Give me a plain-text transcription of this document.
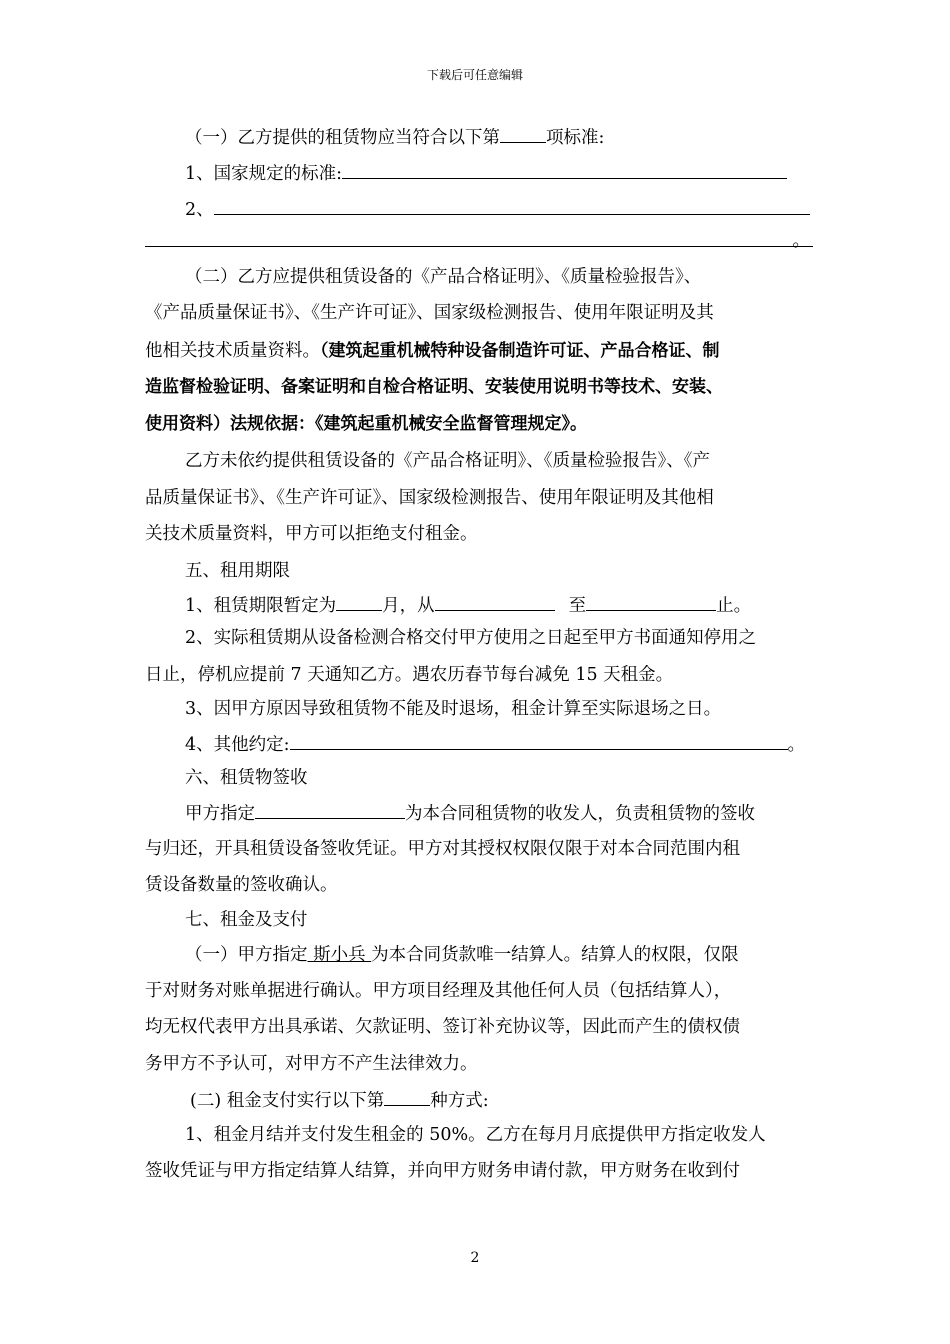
下载后可任意编辑
（一）乙方提供的租赁物应当符合以下第	项标准:
1、国家规定的标准:
2、
。
（二）乙方应提供租赁设备的《产品合格证明》、《质量检验报告》、
《产品质量保证书》、《生产许可证》、国家级检测报告、使用年限证明及其
他相关技术质量资料。（建筑起重机械特种设备制造许可证、产品合格证、制
造监督检验证明、备案证明和自检合格证明、安装使用说明书等技术、安装、
使用资料）法规依据：《建筑起重机械安全监督管理规定》。
乙方未依约提供租赁设备的《产品合格证明》、《质量检验报告》、《产
品质量保证书》、《生产许可证》、国家级检测报告、使用年限证明及其他相
关技术质量资料，甲方可以拒绝支付租金。
五、租用期限
1、租赁期限暂定为	月，从	至	止。
2、实际租赁期从设备检测合格交付甲方使用之日起至甲方书面通知停用之
日止，停机应提前 7 天通知乙方。遇农历春节每台减免 15 天租金。
3、因甲方原因导致租赁物不能及时退场，租金计算至实际退场之日。
4、其他约定:	。
六、租赁物签收
甲方指定	为本合同租赁物的收发人，负责租赁物的签收
与归还，开具租赁设备签收凭证。甲方对其授权权限仅限于对本合同范围内租
赁设备数量的签收确认。
七、租金及支付
（一）甲方指定 斯小兵 为本合同货款唯一结算人。结算人的权限，仅限
于对财务对账单据进行确认。甲方项目经理及其他任何人员（包括结算人），
均无权代表甲方出具承诺、欠款证明、签订补充协议等，因此而产生的债权债
务甲方不予认可，对甲方不产生法律效力。
(二) 租金支付实行以下第	种方式:
1、租金月结并支付发生租金的 50%。乙方在每月月底提供甲方指定收发人
签收凭证与甲方指定结算人结算，并向甲方财务申请付款，甲方财务在收到付
2
